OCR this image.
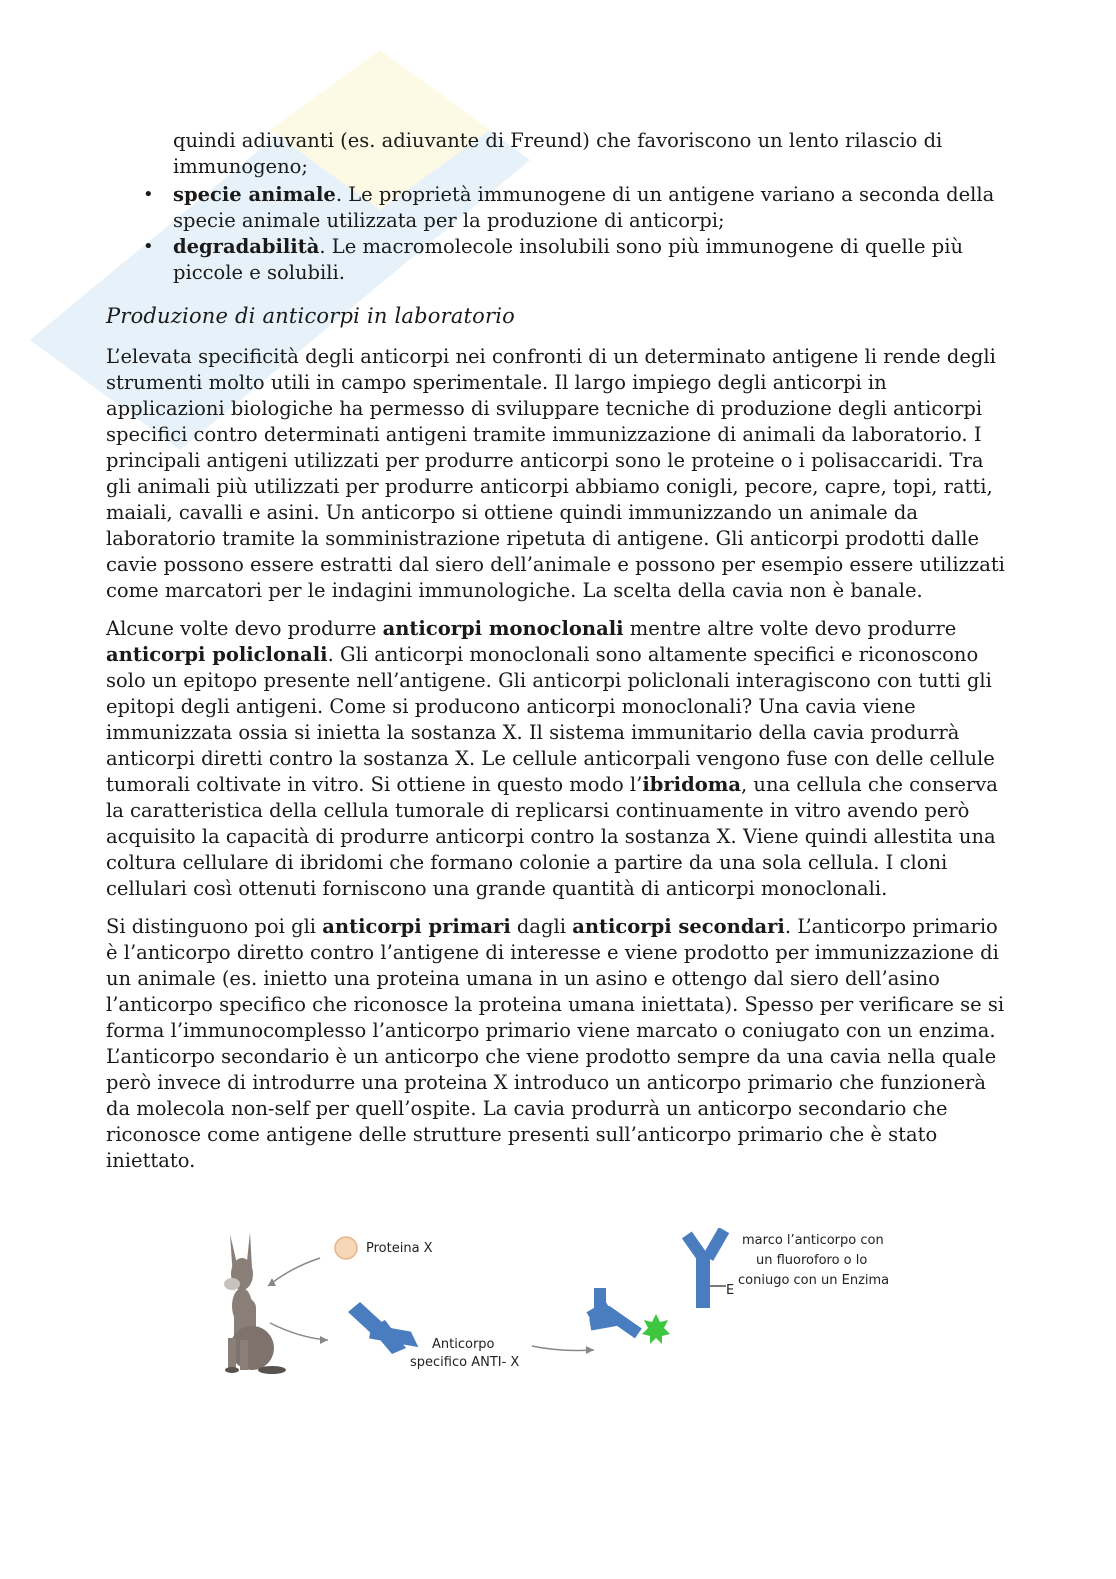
quindi adiuvanti (es. adiuvante di Freund) che favoriscono un lento rilascio di
immunogeno;

• specie animale. Le proprietà immunogene di un antigene variano a seconda della specie animale utilizzata per la produzione di anticorpi;
• degradabilità. Le macromolecole insolubili sono più immunogene di quelle più piccole e solubili.
Produzione di anticorpi in laboratorio

L’elevata specificità degli anticorpi nei confronti di un determinato antigene li rende degli strumenti molto utili in campo sperimentale. Il largo impiego degli anticorpi in applicazioni biologiche ha permesso di sviluppare tecniche di produzione degli anticorpi specifici contro determinati antigeni tramite immunizzazione di animali da laboratorio. I principali antigeni utilizzati per produrre anticorpi sono le proteine o i polisaccaridi. Tra gli animali più utilizzati per produrre anticorpi abbiamo conigli, pecore, capre, topi, ratti, maiali, cavalli e asini. Un anticorpo si ottiene quindi immunizzando un animale da laboratorio tramite la somministrazione ripetuta di antigene. Gli anticorpi prodotti dalle cavie possono essere estratti dal siero dell’animale e possono per esempio essere utilizzati come marcatori per le indagini immunologiche. La scelta della cavia non è banale.

Alcune volte devo produrre anticorpi monoclonali mentre altre volte devo produrre anticorpi policlonali. Gli anticorpi monoclonali sono altamente specifici e riconoscono solo un epitopo presente nell’antigene. Gli anticorpi policlonali interagiscono con tutti gli epitopi degli antigeni. Come si producono anticorpi monoclonali? Una cavia viene immunizzata ossia si inietta la sostanza X. Il sistema immunitario della cavia produrrà anticorpi diretti contro la sostanza X. Le cellule anticorpali vengono fuse con delle cellule tumorali coltivate in vitro. Si ottiene in questo modo l’ibridoma, una cellula che conserva la caratteristica della cellula tumorale di replicarsi continuamente in vitro avendo però acquisito la capacità di produrre anticorpi contro la sostanza X. Viene quindi allestita una coltura cellulare di ibridomi che formano colonie a partire da una sola cellula. I cloni cellulari così ottenuti forniscono una grande quantità di anticorpi monoclonali.

Si distinguono poi gli anticorpi primari dagli anticorpi secondari. L’anticorpo primario è l’anticorpo diretto contro l’antigene di interesse e viene prodotto per immunizzazione di un animale (es. inietto una proteina umana in un asino e ottengo dal siero dell’asino l’anticorpo specifico che riconosce la proteina umana iniettata). Spesso per verificare se si forma l’immunocomplesso l’anticorpo primario viene marcato o coniugato con un enzima. L’anticorpo secondario è un anticorpo che viene prodotto sempre da una cavia nella quale però invece di introdurre una proteina X introduco un anticorpo primario che funzionerà da molecola non-self per quell’ospite. La cavia produrrà un anticorpo secondario che riconosce come antigene delle strutture presenti sull’anticorpo primario che è stato iniettato.

Proteina X
Anticorpo
specifico ANTI- X
E
marco l’anticorpo con
un fluoroforo o lo
coniugo con un Enzima
